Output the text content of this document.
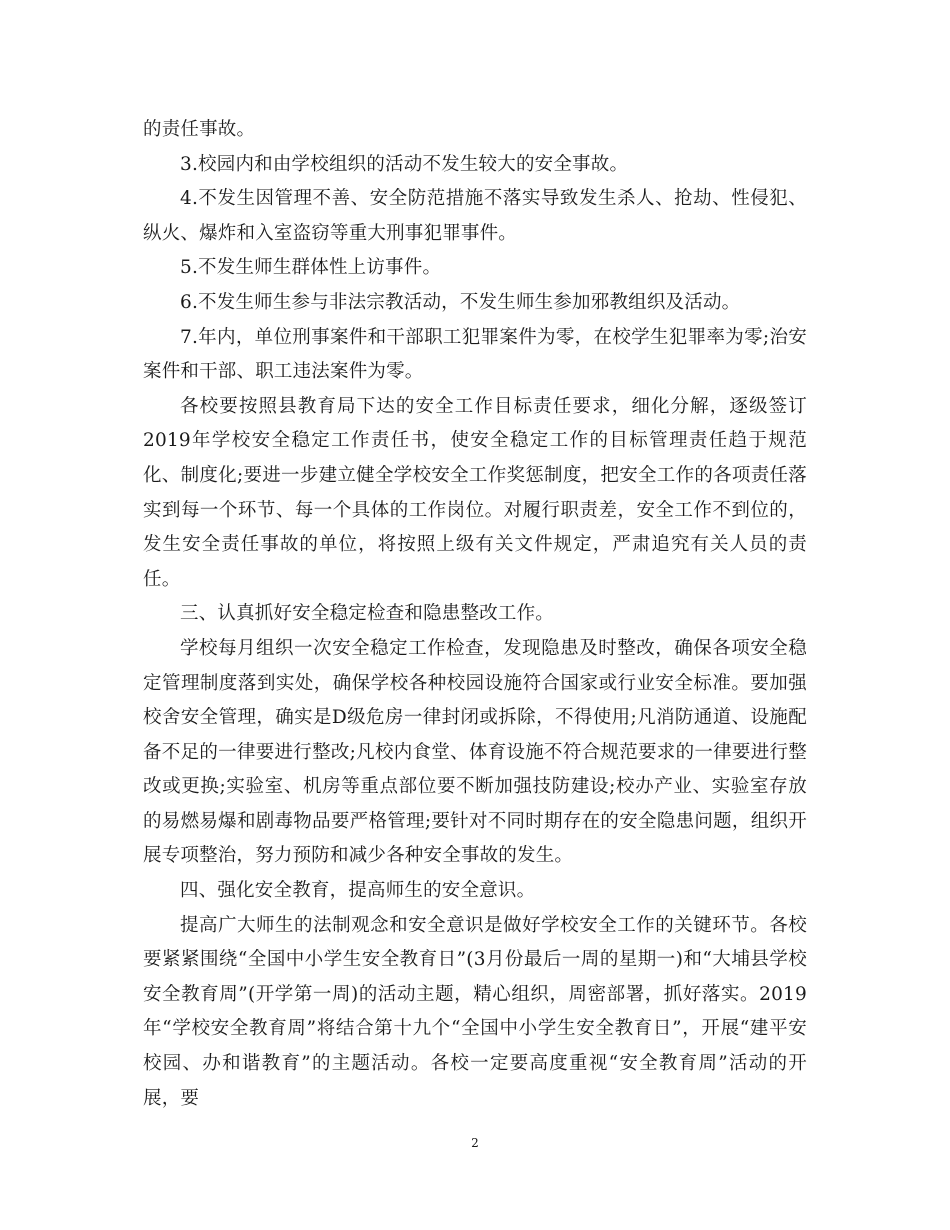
的责任事故。

3.校园内和由学校组织的活动不发生较大的安全事故。

4.不发生因管理不善、安全防范措施不落实导致发生杀人、抢劫、性侵犯、纵火、爆炸和入室盗窃等重大刑事犯罪事件。

5.不发生师生群体性上访事件。

6.不发生师生参与非法宗教活动，不发生师生参加邪教组织及活动。

7.年内，单位刑事案件和干部职工犯罪案件为零，在校学生犯罪率为零;治安案件和干部、职工违法案件为零。

各校要按照县教育局下达的安全工作目标责任要求，细化分解，逐级签订2019年学校安全稳定工作责任书，使安全稳定工作的目标管理责任趋于规范化、制度化;要进一步建立健全学校安全工作奖惩制度，把安全工作的各项责任落实到每一个环节、每一个具体的工作岗位。对履行职责差，安全工作不到位的，发生安全责任事故的单位，将按照上级有关文件规定，严肃追究有关人员的责任。

三、认真抓好安全稳定检查和隐患整改工作。

学校每月组织一次安全稳定工作检查，发现隐患及时整改，确保各项安全稳定管理制度落到实处，确保学校各种校园设施符合国家或行业安全标准。要加强校舍安全管理，确实是D级危房一律封闭或拆除，不得使用;凡消防通道、设施配备不足的一律要进行整改;凡校内食堂、体育设施不符合规范要求的一律要进行整改或更换;实验室、机房等重点部位要不断加强技防建设;校办产业、实验室存放的易燃易爆和剧毒物品要严格管理;要针对不同时期存在的安全隐患问题，组织开展专项整治，努力预防和减少各种安全事故的发生。

四、强化安全教育，提高师生的安全意识。

提高广大师生的法制观念和安全意识是做好学校安全工作的关键环节。各校要紧紧围绕“全国中小学生安全教育日”(3月份最后一周的星期一)和“大埔县学校安全教育周”(开学第一周)的活动主题，精心组织，周密部署，抓好落实。2019年“学校安全教育周”将结合第十九个“全国中小学生安全教育日”，开展“建平安校园、办和谐教育”的主题活动。各校一定要高度重视“安全教育周”活动的开展，要

2
